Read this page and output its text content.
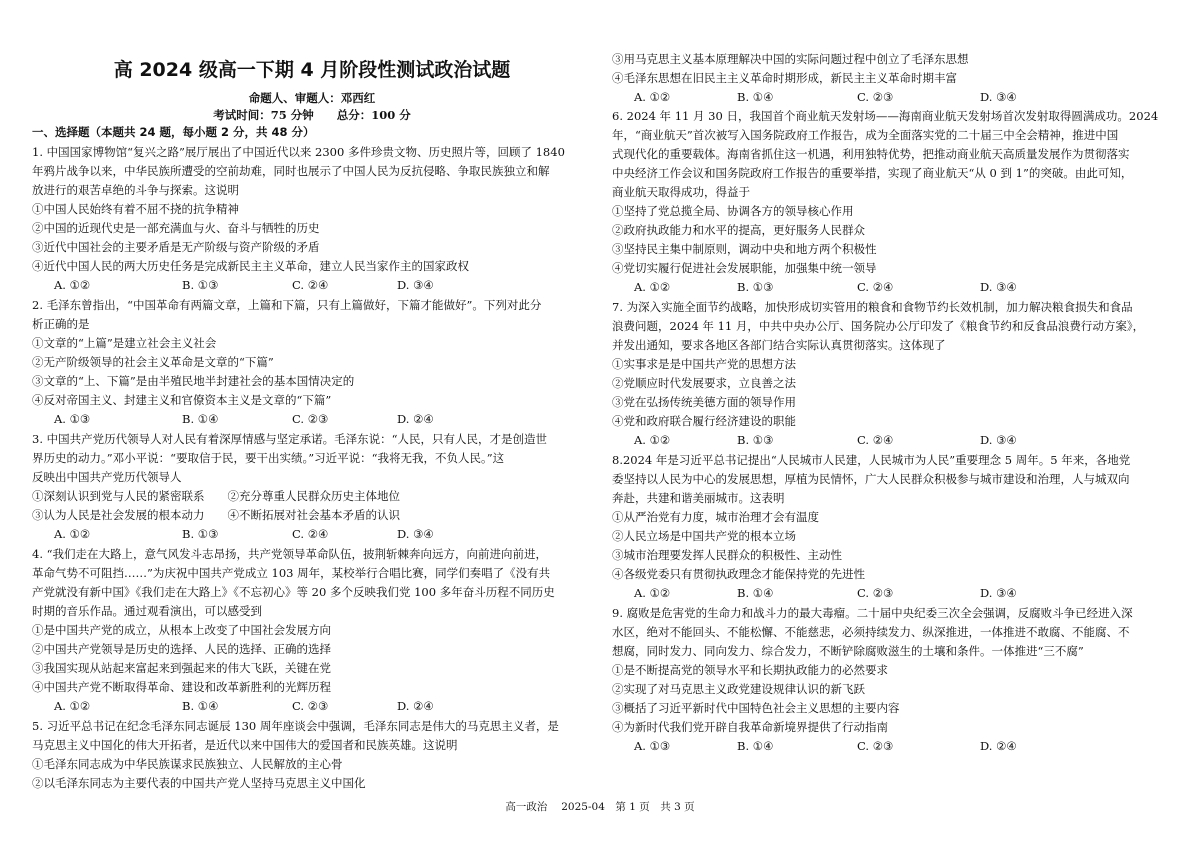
高 2024 级高一下期 4 月阶段性测试政治试题
命题人、审题人：邓西红
考试时间：75 分钟　　总分：100 分
一、选择题（本题共 24 题，每小题 2 分，共 48 分）
1. 中国国家博物馆“复兴之路”展厅展出了中国近代以来 2300 多件珍贵文物、历史照片等，回顾了 1840
年鸦片战争以来，中华民族所遭受的空前劫难，同时也展示了中国人民为反抗侵略、争取民族独立和解
放进行的艰苦卓绝的斗争与探索。这说明
①中国人民始终有着不屈不挠的抗争精神
②中国的近现代史是一部充满血与火、奋斗与牺牲的历史
③近代中国社会的主要矛盾是无产阶级与资产阶级的矛盾
④近代中国人民的两大历史任务是完成新民主主义革命，建立人民当家作主的国家政权
A. ①②	B. ①③	C. ②④	D. ③④
2. 毛泽东曾指出，“中国革命有两篇文章，上篇和下篇，只有上篇做好，下篇才能做好”。下列对此分
析正确的是
①文章的“上篇”是建立社会主义社会
②无产阶级领导的社会主义革命是文章的“下篇”
③文章的“上、下篇”是由半殖民地半封建社会的基本国情决定的
④反对帝国主义、封建主义和官僚资本主义是文章的“下篇”
A. ①③	B. ①④	C. ②③	D. ②④
3. 中国共产党历代领导人对人民有着深厚情感与坚定承诺。毛泽东说：“人民，只有人民，才是创造世
界历史的动力。”邓小平说：“要取信于民，要干出实绩。”习近平说：“我将无我，不负人民。”这
反映出中国共产党历代领导人
①深刻认识到党与人民的紧密联系　　②充分尊重人民群众历史主体地位
③认为人民是社会发展的根本动力　　④不断拓展对社会基本矛盾的认识
A. ①②	B. ①③	C. ②④	D. ③④
4. “我们走在大路上，意气风发斗志昂扬，共产党领导革命队伍，披荆斩棘奔向远方，向前进向前进，
革命气势不可阻挡……”为庆祝中国共产党成立 103 周年，某校举行合唱比赛，同学们奏唱了《没有共
产党就没有新中国》《我们走在大路上》《不忘初心》等 20 多个反映我们党 100 多年奋斗历程不同历史
时期的音乐作品。通过观看演出，可以感受到
①是中国共产党的成立，从根本上改变了中国社会发展方向
②中国共产党领导是历史的选择、人民的选择、正确的选择
③我国实现从站起来富起来到强起来的伟大飞跃，关键在党
④中国共产党不断取得革命、建设和改革新胜利的光辉历程
A. ①②	B. ①④	C. ②③	D. ②④
5. 习近平总书记在纪念毛泽东同志诞辰 130 周年座谈会中强调，毛泽东同志是伟大的马克思主义者，是
马克思主义中国化的伟大开拓者，是近代以来中国伟大的爱国者和民族英雄。这说明
①毛泽东同志成为中华民族谋求民族独立、人民解放的主心骨
②以毛泽东同志为主要代表的中国共产党人坚持马克思主义中国化
③用马克思主义基本原理解决中国的实际问题过程中创立了毛泽东思想
④毛泽东思想在旧民主主义革命时期形成，新民主主义革命时期丰富
A. ①②	B. ①④	C. ②③	D. ③④
6. 2024 年 11 月 30 日，我国首个商业航天发射场——海南商业航天发射场首次发射取得圆满成功。2024
年，“商业航天”首次被写入国务院政府工作报告，成为全面落实党的二十届三中全会精神，推进中国
式现代化的重要载体。海南省抓住这一机遇，利用独特优势，把推动商业航天高质量发展作为贯彻落实
中央经济工作会议和国务院政府工作报告的重要举措，实现了商业航天“从 0 到 1”的突破。由此可知，
商业航天取得成功，得益于
①坚持了党总揽全局、协调各方的领导核心作用
②政府执政能力和水平的提高，更好服务人民群众
③坚持民主集中制原则，调动中央和地方两个积极性
④党切实履行促进社会发展职能，加强集中统一领导
A. ①②	B. ①③	C. ②④	D. ③④
7. 为深入实施全面节约战略，加快形成切实管用的粮食和食物节约长效机制，加力解决粮食损失和食品
浪费问题，2024 年 11 月，中共中央办公厅、国务院办公厅印发了《粮食节约和反食品浪费行动方案》，
并发出通知，要求各地区各部门结合实际认真贯彻落实。这体现了
①实事求是是中国共产党的思想方法
②党顺应时代发展要求，立良善之法
③党在弘扬传统美德方面的领导作用
④党和政府联合履行经济建设的职能
A. ①②	B. ①③	C. ②④	D. ③④
8.2024 年是习近平总书记提出“人民城市人民建，人民城市为人民”重要理念 5 周年。5 年来，各地党
委坚持以人民为中心的发展思想，厚植为民情怀，广大人民群众积极参与城市建设和治理，人与城双向
奔赴，共建和谐美丽城市。这表明
①从严治党有力度，城市治理才会有温度
②人民立场是中国共产党的根本立场
③城市治理要发挥人民群众的积极性、主动性
④各级党委只有贯彻执政理念才能保持党的先进性
A. ①②	B. ①④	C. ②③	D. ③④
9. 腐败是危害党的生命力和战斗力的最大毒瘤。二十届中央纪委三次全会强调，反腐败斗争已经进入深
水区，绝对不能回头、不能松懈、不能慈悲，必须持续发力、纵深推进，一体推进不敢腐、不能腐、不
想腐，同时发力、同向发力、综合发力，不断铲除腐败滋生的土壤和条件。一体推进“三不腐”
①是不断提高党的领导水平和长期执政能力的必然要求
②实现了对马克思主义政党建设规律认识的新飞跃
③概括了习近平新时代中国特色社会主义思想的主要内容
④为新时代我们党开辟自我革命新境界提供了行动指南
A. ①③	B. ①④	C. ②③	D. ②④
高一政治　 2025-04　第 1 页　共 3 页
